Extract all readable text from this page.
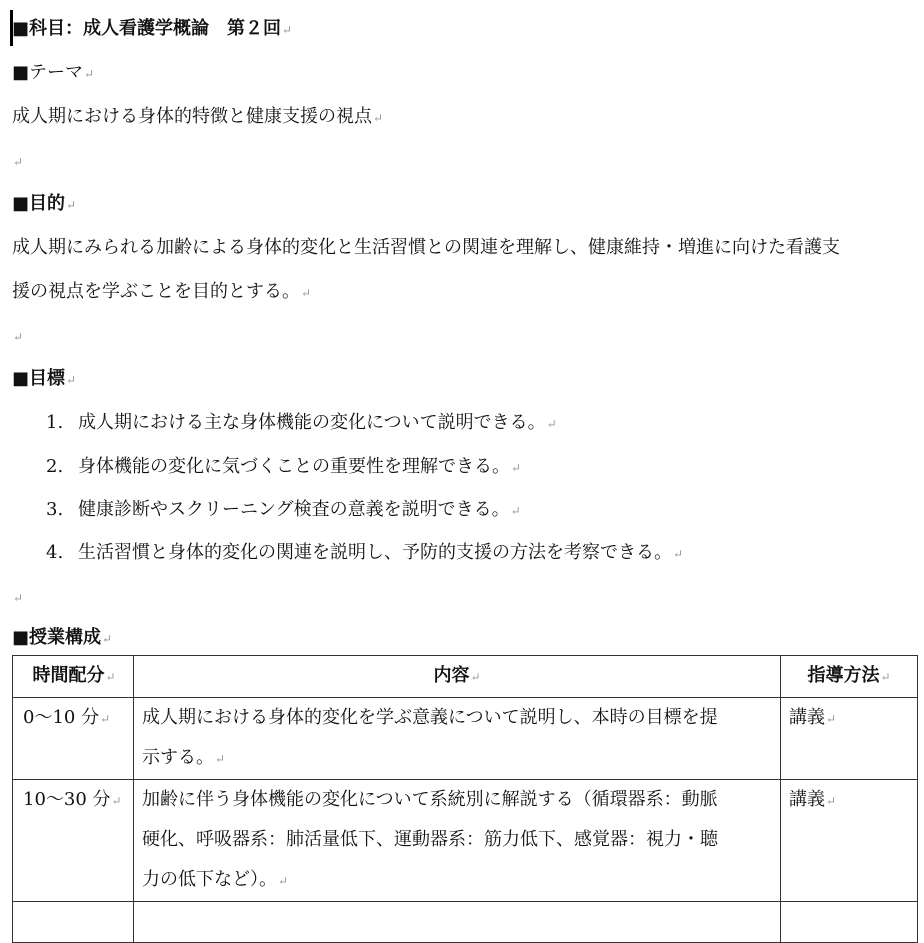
■科目：成人看護学概論　第２回↵
■テーマ↵
成人期における身体的特徴と健康支援の視点↵
↵
■目的↵
成人期にみられる加齢による身体的変化と生活習慣との関連を理解し、健康維持・増進に向けた看護支
援の視点を学ぶことを目的とする。↵
↵
■目標↵
1. 成人期における主な身体機能の変化について説明できる。↵
2. 身体機能の変化に気づくことの重要性を理解できる。↵
3. 健康診断やスクリーニング検査の意義を説明できる。↵
4. 生活習慣と身体的変化の関連を説明し、予防的支援の方法を考察できる。↵
↵
■授業構成↵
時間配分↵	内容↵	指導方法↵
0～10 分↵	成人期における身体的変化を学ぶ意義について説明し、本時の目標を提
示する。↵	講義↵
10～30 分↵	加齢に伴う身体機能の変化について系統別に解説する（循環器系：動脈
硬化、呼吸器系：肺活量低下、運動器系：筋力低下、感覚器：視力・聴
力の低下など）。↵	講義↵
